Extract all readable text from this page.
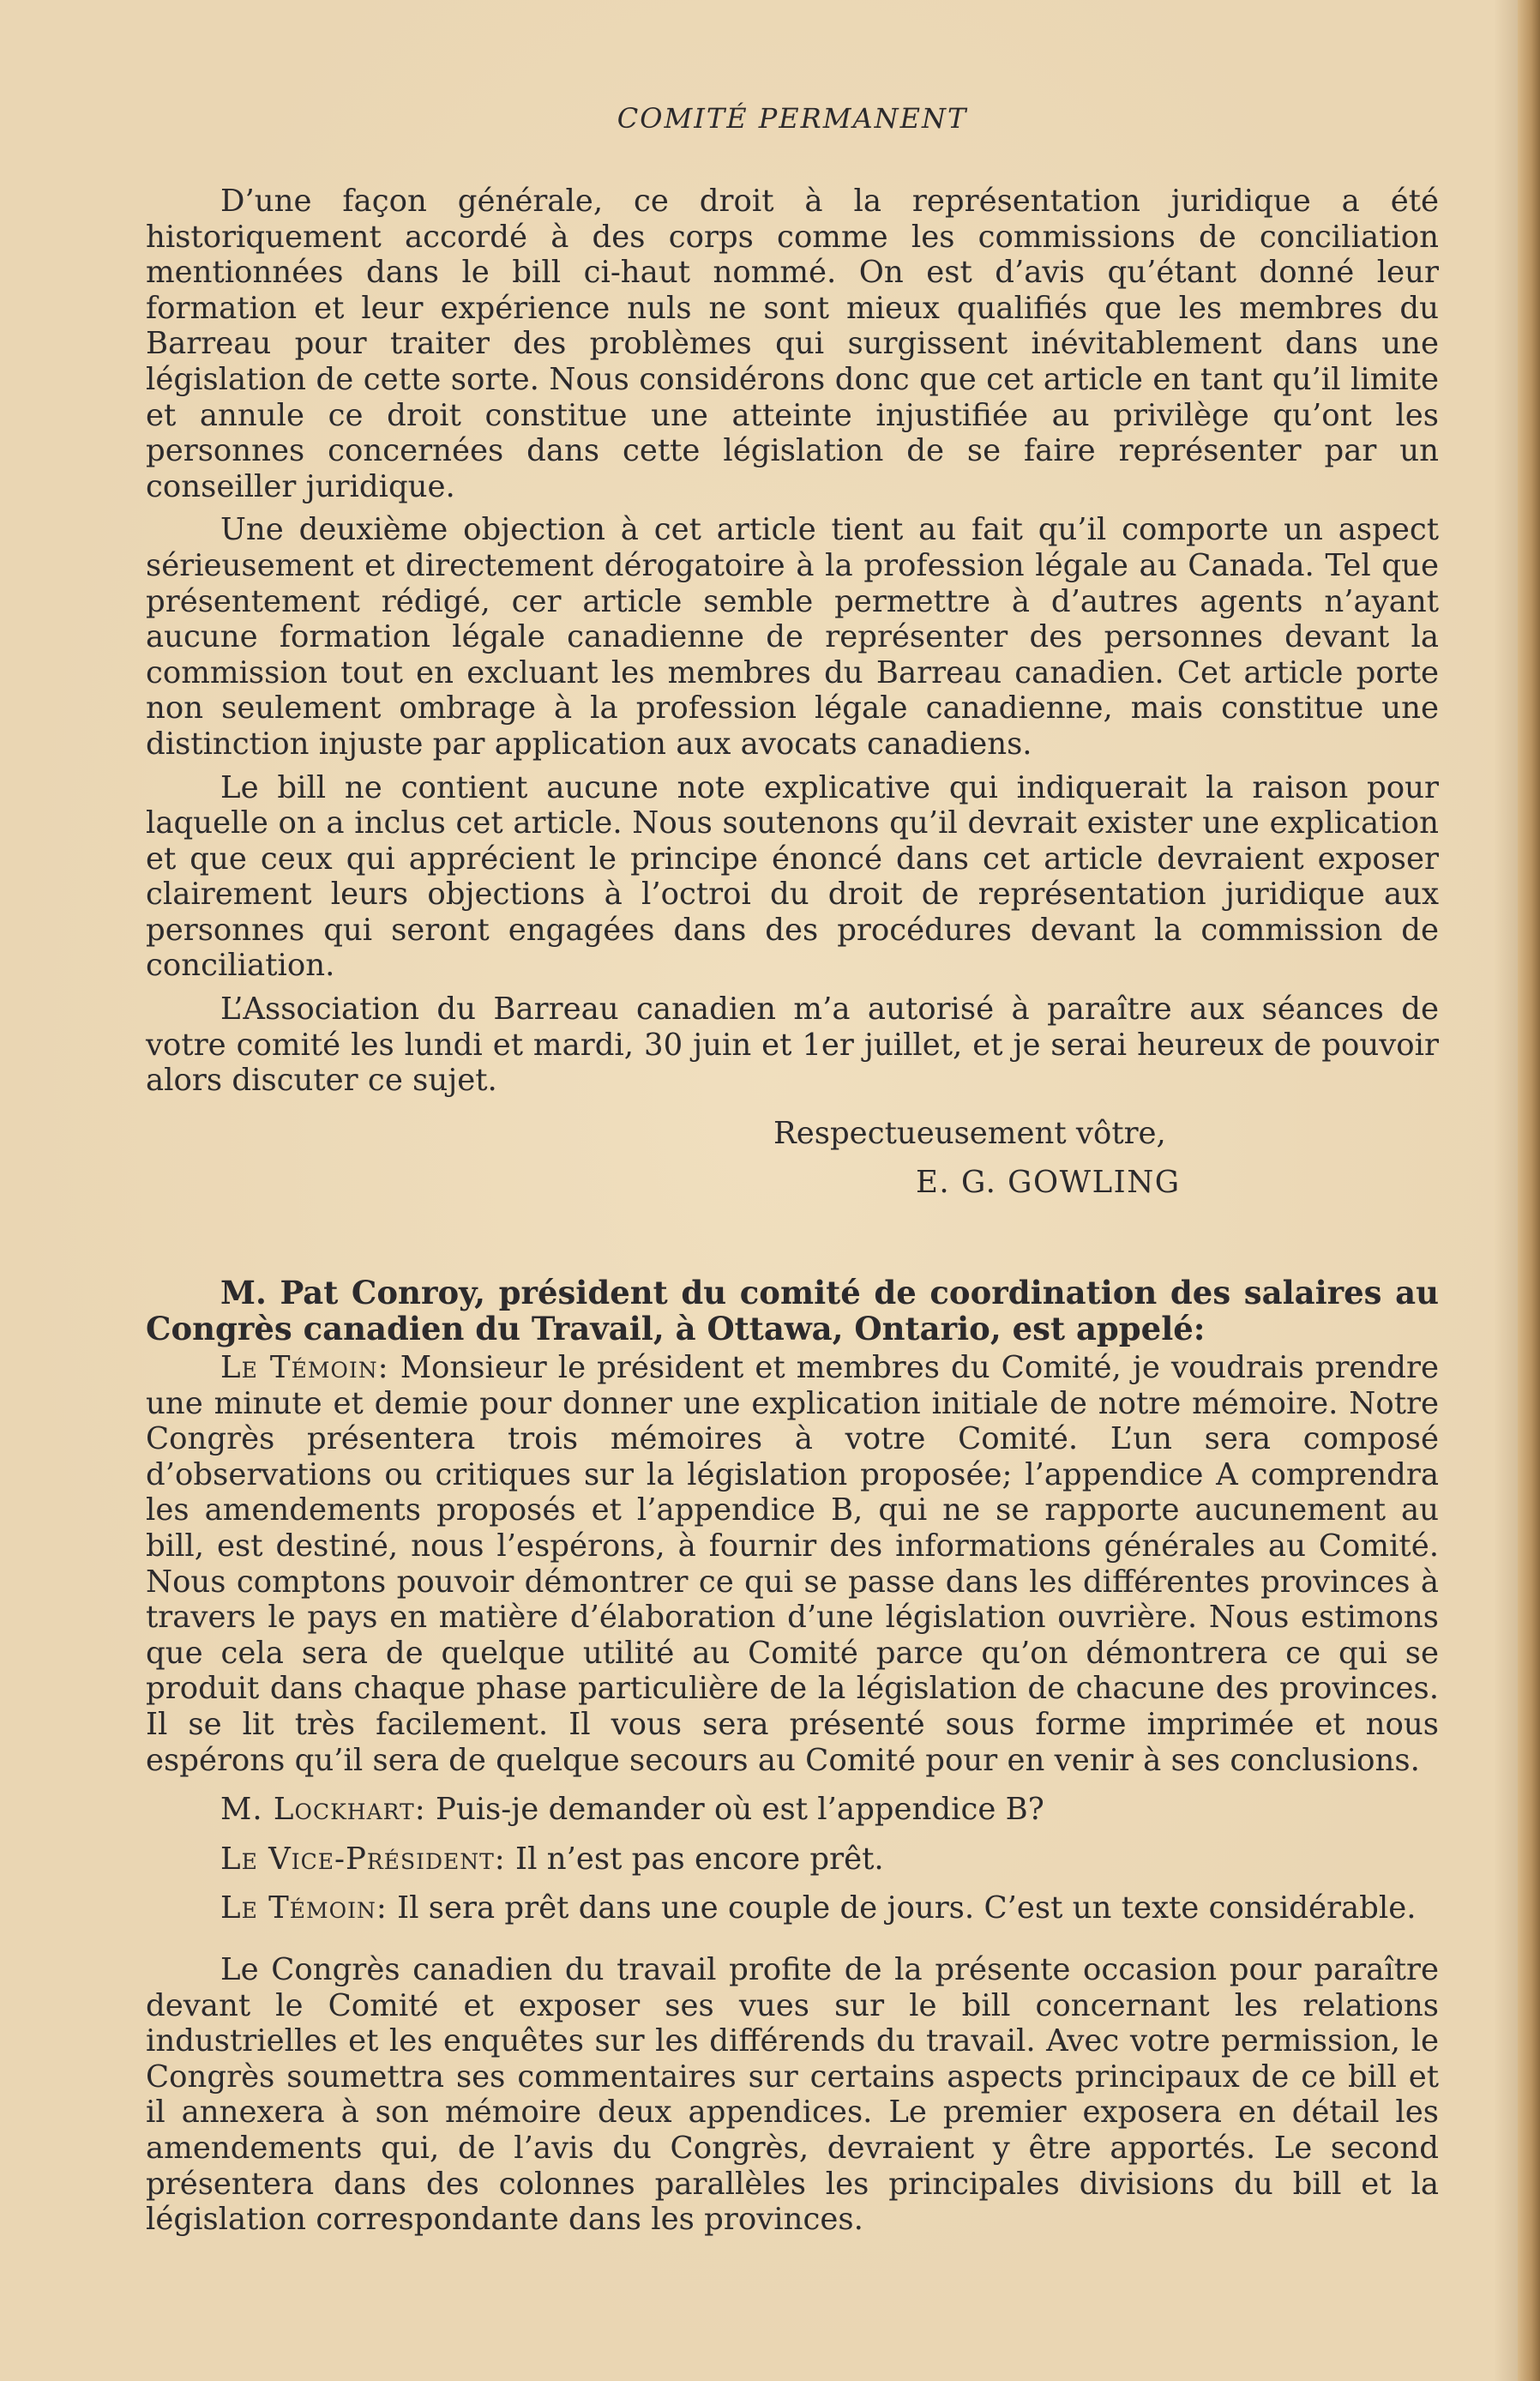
COMITÉ PERMANENT

D’une façon générale, ce droit à la représentation juridique a été historiquement accordé à des corps comme les commissions de conciliation mentionnées dans le bill ci-haut nommé. On est d’avis qu’étant donné leur formation et leur expérience nuls ne sont mieux qualifiés que les membres du Barreau pour traiter des problèmes qui surgissent inévitablement dans une législation de cette sorte. Nous considérons donc que cet article en tant qu’il limite et annule ce droit constitue une atteinte injustifiée au privilège qu’ont les personnes concernées dans cette législation de se faire représenter par un conseiller juridique.

Une deuxième objection à cet article tient au fait qu’il comporte un aspect sérieusement et directement dérogatoire à la profession légale au Canada. Tel que présentement rédigé, cer article semble permettre à d’autres agents n’ayant aucune formation légale canadienne de représenter des personnes devant la commission tout en excluant les membres du Barreau canadien. Cet article porte non seulement ombrage à la profession légale canadienne, mais constitue une distinction injuste par application aux avocats canadiens.

Le bill ne contient aucune note explicative qui indiquerait la raison pour laquelle on a inclus cet article. Nous soutenons qu’il devrait exister une explication et que ceux qui apprécient le principe énoncé dans cet article devraient exposer clairement leurs objections à l’octroi du droit de représentation juridique aux personnes qui seront engagées dans des procédures devant la commission de conciliation.

L’Association du Barreau canadien m’a autorisé à paraître aux séances de votre comité les lundi et mardi, 30 juin et 1er juillet, et je serai heureux de pouvoir alors discuter ce sujet.

Respectueusement vôtre,

E. G. GOWLING

M. Pat Conroy, président du comité de coordination des salaires au Congrès canadien du Travail, à Ottawa, Ontario, est appelé:

Le Témoin: Monsieur le président et membres du Comité, je voudrais prendre une minute et demie pour donner une explication initiale de notre mémoire. Notre Congrès présentera trois mémoires à votre Comité. L’un sera composé d’observations ou critiques sur la législation proposée; l’appendice A comprendra les amendements proposés et l’appendice B, qui ne se rapporte aucunement au bill, est destiné, nous l’espérons, à fournir des informations générales au Comité. Nous comptons pouvoir démontrer ce qui se passe dans les différentes provinces à travers le pays en matière d’élaboration d’une législation ouvrière. Nous estimons que cela sera de quelque utilité au Comité parce qu’on démontrera ce qui se produit dans chaque phase particulière de la législation de chacune des provinces. Il se lit très facilement. Il vous sera présenté sous forme imprimée et nous espérons qu’il sera de quelque secours au Comité pour en venir à ses conclusions.

M. Lockhart: Puis-je demander où est l’appendice B?

Le Vice-Président: Il n’est pas encore prêt.

Le Témoin: Il sera prêt dans une couple de jours. C’est un texte considérable.

Le Congrès canadien du travail profite de la présente occasion pour paraître devant le Comité et exposer ses vues sur le bill concernant les relations industrielles et les enquêtes sur les différends du travail. Avec votre permission, le Congrès soumettra ses commentaires sur certains aspects principaux de ce bill et il annexera à son mémoire deux appendices. Le premier exposera en détail les amendements qui, de l’avis du Congrès, devraient y être apportés. Le second présentera dans des colonnes parallèles les principales divisions du bill et la législation correspondante dans les provinces.
